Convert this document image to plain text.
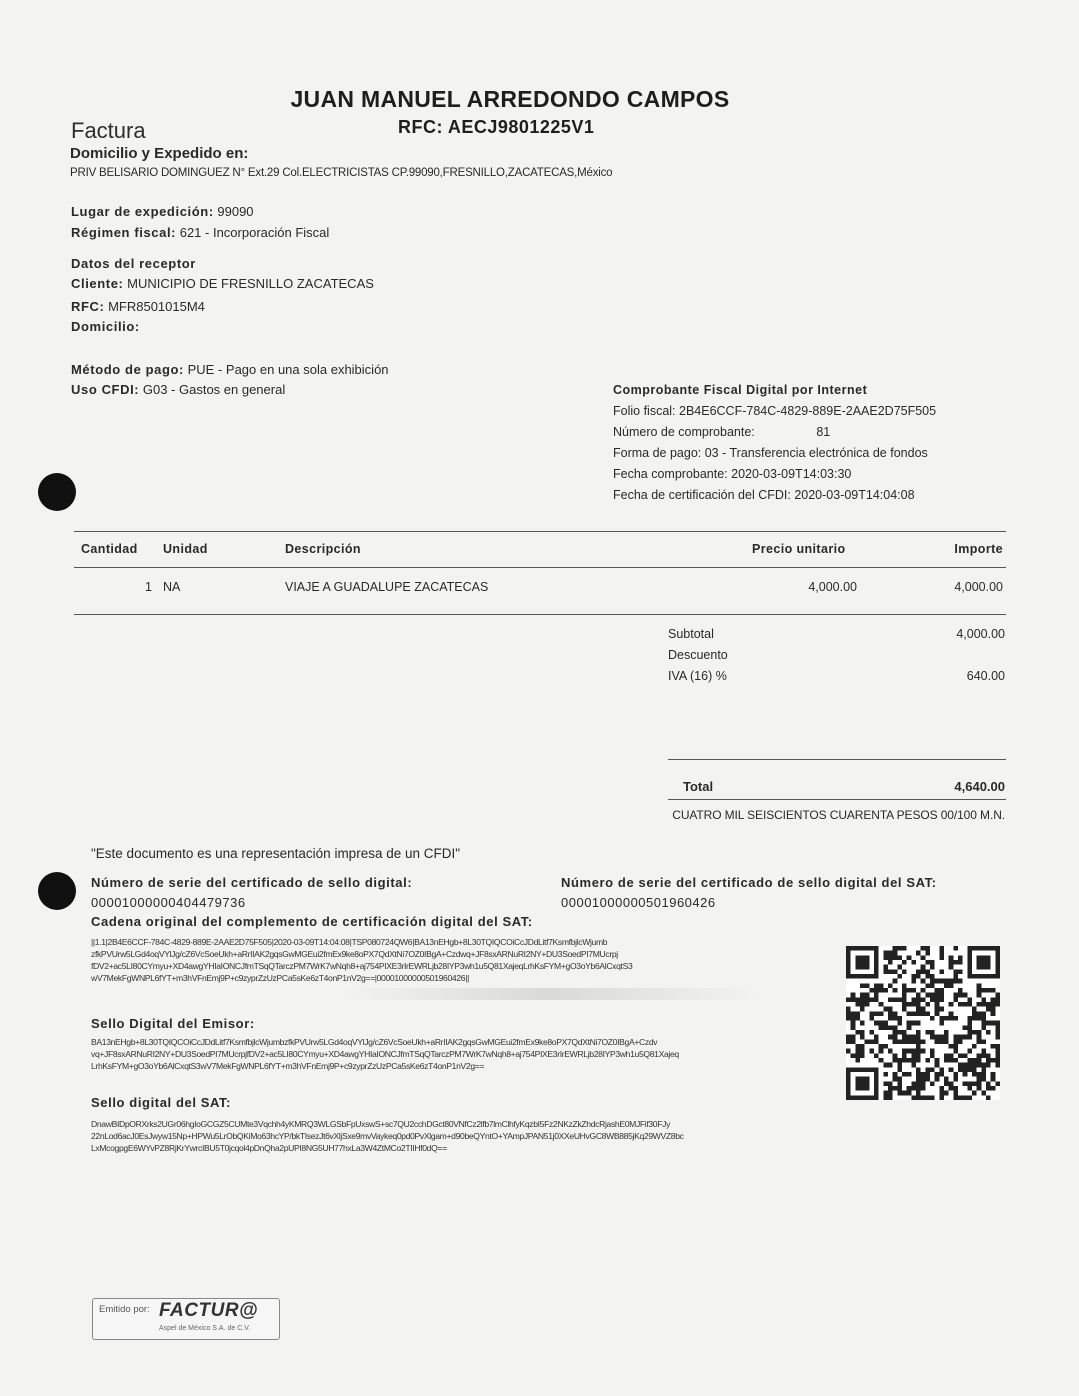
JUAN MANUEL ARREDONDO CAMPOS
RFC: AECJ9801225V1
Factura
Domicilio y Expedido en:
PRIV BELISARIO DOMINGUEZ N° Ext.29 Col.ELECTRICISTAS CP.99090,FRESNILLO,ZACATECAS,México
Lugar de expedición: 99090
Régimen fiscal: 621 - Incorporación Fiscal
Datos del receptor
Cliente: MUNICIPIO DE FRESNILLO ZACATECAS
RFC: MFR8501015M4
Domicilio:
Método de pago: PUE - Pago en una sola exhibición
Uso CFDI: G03 - Gastos en general	Comprobante Fiscal Digital por Internet
Folio fiscal: 2B4E6CCF-784C-4829-889E-2AAE2D75F505
Número de comprobante:	81
Forma de pago: 03 - Transferencia electrónica de fondos
Fecha comprobante: 2020-03-09T14:03:30
Fecha de certificación del CFDI: 2020-03-09T14:04:08
Cantidad Unidad	Descripción	Precio unitario	Importe
1 NA	VIAJE A GUADALUPE ZACATECAS	4,000.00	4,000.00
Subtotal	4,000.00
Descuento
IVA (16) %	640.00
Total	4,640.00
CUATRO MIL SEISCIENTOS CUARENTA PESOS 00/100 M.N.
"Este documento es una representación impresa de un CFDI"
Número de serie del certificado de sello digital:
00001000000404479736
Número de serie del certificado de sello digital del SAT:
00001000000501960426
Cadena original del complemento de certificación digital del SAT:
||1.1|2B4E6CCF-784C-4829-889E-2AAE2D75F505|2020-03-09T14:04:08|TSP080724QW6|BA13nEHgb+8L30TQIQCOiCcJDdLitf7KsmfbjlcWjumb
zfkPVUrw5LGd4oqVYlJg/cZ6VcSoeUkh+aRrIIAK2gqsGwMGEui2fmEx9ke8oPX7QdXtNi7OZ0IBgA+Czdwq+JF8sxARNuRI2NY+DU3SoedPI7MUcrpj
fDV2+ac5LI80CYmyu+XD4awgYHIaIONCJfmTSqQTarczPM7WrK7wNqh8+aj754PIXE3rIrEWRLjb28IYP3wh1u5Q81XajeqLrhKsFYM+gO3oYb6AlCxqtS3
wV7MekFgWNPL6fYT+m3hVFnEmj9P+c9zyprZzUzPCa5sKe6zT4onP1nV2g==|00001000000501960426||
Sello Digital del Emisor:
BA13nEHgb+8L30TQIQCOiCcJDdLitf7KsmfbjlcWjumbzfkPVUrw5LGd4oqVYlJg/cZ6VcSoeUkh+aRrIIAK2gqsGwMGEui2fmEx9ke8oPX7QdXtNi7OZ0IBgA+Czdv
vq+JF8sxARNuRI2NY+DU3SoedPI7MUcrpjfDV2+ac5LI80CYmyu+XD4awgYHIaIONCJfmTSqQTarczPM7WrK7wNqh8+aj754PIXE3rIrEWRLjb28IYP3wh1u5Q81Xajeq
LrhKsFYM+gO3oYb6AlCxqtS3wV7MekFgWNPL6fYT+m3hVFnEmj9P+c9zyprZzUzPCa5sKe6zT4onP1nV2g==
Sello digital del SAT:
DnawBIDpORXrks2UGr06hgIoGCGZ5CUMte3Vqchh4yKMRQ3WLGSbFpUxswS+sc7QU2cchDGct80VNfCz2lfb7lmClhfyKqzbI5Fz2NKzZkZhdcRjashE0MJFif30FJy
22nLod6acJ0EsJwyw15Np+HPWu5LrObQKiMo63hcYP/bkTIsezJt6vXljSxe9mvVaykeq0pd0PvXlgam+d90beQYntO+YAmpJPAN51j0XXeUHvGC8WB885jKq29WVZ8bc
LxMcogpgE6WYvPZ8RjKrYwrcIBU5T0jcqol4pDnQha2pUPI8NG5UH77hxLa3W4ZtMCo2TIIHf0dQ==
Emitido por: FACTUR@
Aspel de México S.A. de C.V.
